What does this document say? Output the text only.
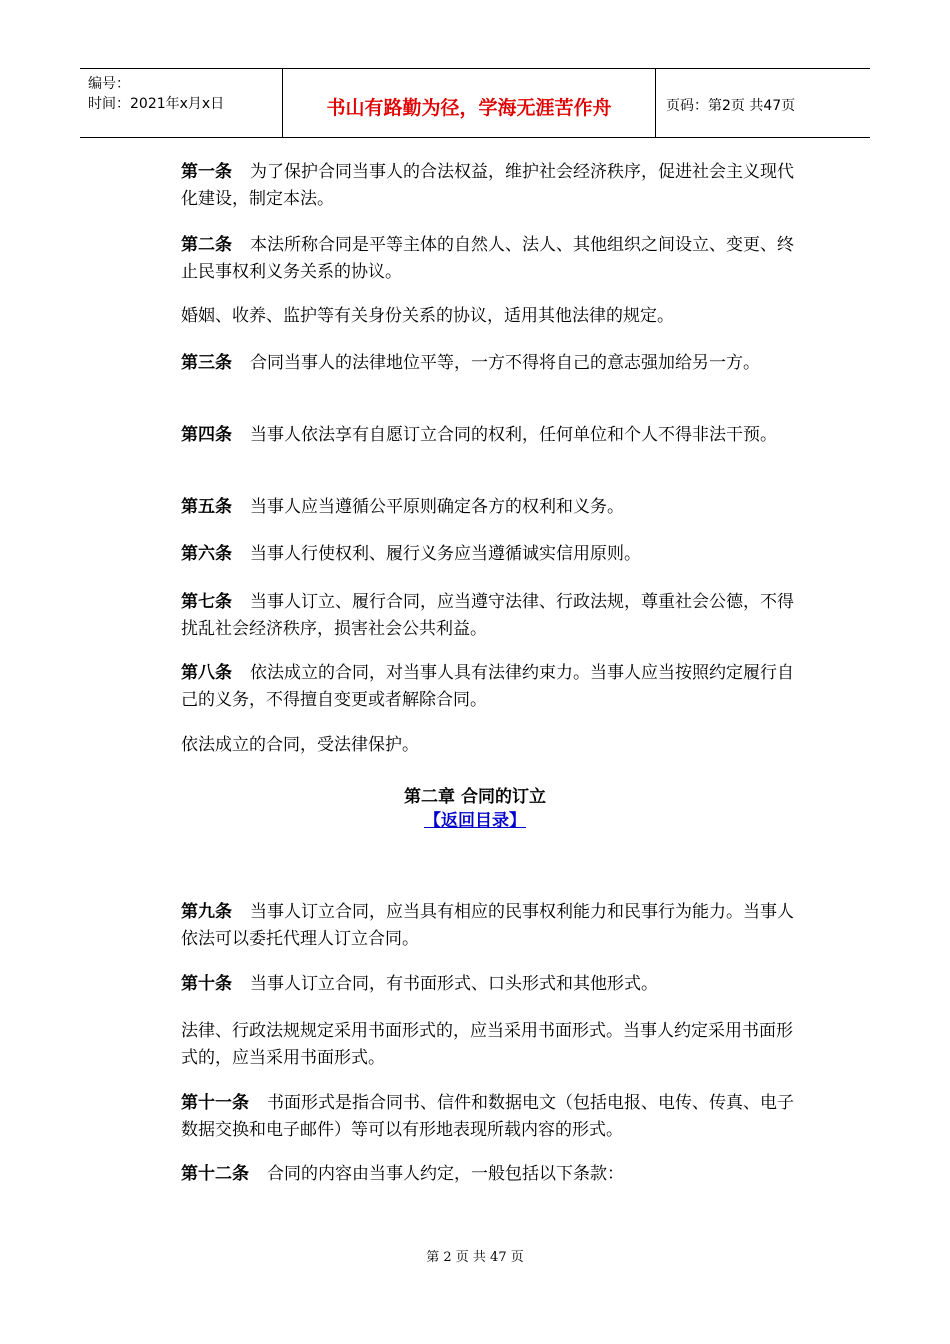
编号：
时间：2021年x月x日	书山有路勤为径，学海无涯苦作舟	页码：第2页 共47页
第一条 为了保护合同当事人的合法权益，维护社会经济秩序，促进社会主义现代化建设，制定本法。
第二条 本法所称合同是平等主体的自然人、法人、其他组织之间设立、变更、终止民事权利义务关系的协议。
婚姻、收养、监护等有关身份关系的协议，适用其他法律的规定。
第三条 合同当事人的法律地位平等，一方不得将自己的意志强加给另一方。
第四条 当事人依法享有自愿订立合同的权利，任何单位和个人不得非法干预。
第五条 当事人应当遵循公平原则确定各方的权利和义务。
第六条 当事人行使权利、履行义务应当遵循诚实信用原则。
第七条 当事人订立、履行合同，应当遵守法律、行政法规，尊重社会公德，不得扰乱社会经济秩序，损害社会公共利益。
第八条 依法成立的合同，对当事人具有法律约束力。当事人应当按照约定履行自己的义务，不得擅自变更或者解除合同。
依法成立的合同，受法律保护。
第二章 合同的订立
【返回目录】
第九条 当事人订立合同，应当具有相应的民事权利能力和民事行为能力。当事人依法可以委托代理人订立合同。
第十条 当事人订立合同，有书面形式、口头形式和其他形式。
法律、行政法规规定采用书面形式的，应当采用书面形式。当事人约定采用书面形式的，应当采用书面形式。
第十一条 书面形式是指合同书、信件和数据电文（包括电报、电传、传真、电子数据交换和电子邮件）等可以有形地表现所载内容的形式。
第十二条 合同的内容由当事人约定，一般包括以下条款：
第 2 页 共 47 页
